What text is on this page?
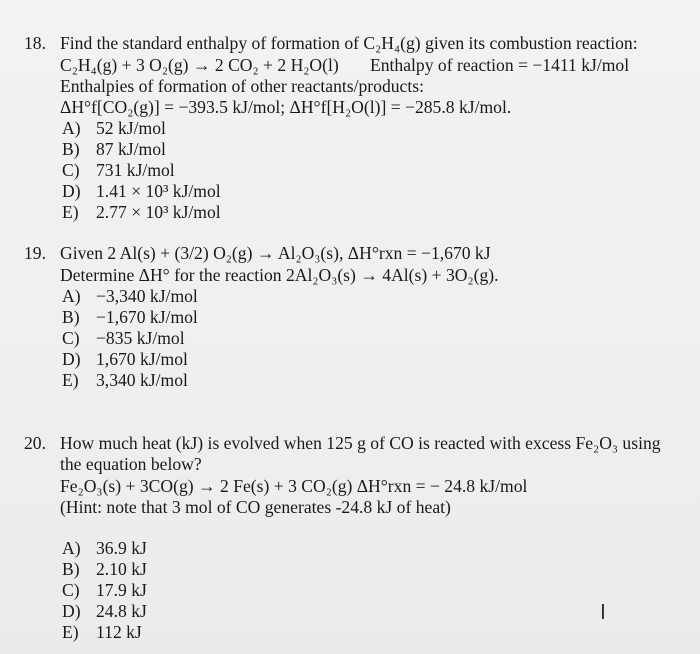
18. Find the standard enthalpy of formation of C₂H₄(g) given its combustion reaction:
C₂H₄(g) + 3 O₂(g) → 2 CO₂ + 2 H₂O(l) Enthalpy of reaction = −1411 kJ/mol
Enthalpies of formation of other reactants/products:
ΔH°f[CO₂(g)] = −393.5 kJ/mol; ΔH°f[H₂O(l)] = −285.8 kJ/mol.
A) 52 kJ/mol
B) 87 kJ/mol
C) 731 kJ/mol
D) 1.41 × 10³ kJ/mol
E) 2.77 × 10³ kJ/mol
19. Given 2 Al(s) + (3/2) O₂(g) → Al₂O₃(s), ΔH°rxn = −1,670 kJ
Determine ΔH° for the reaction 2Al₂O₃(s) → 4Al(s) + 3O₂(g).
A) −3,340 kJ/mol
B) −1,670 kJ/mol
C) −835 kJ/mol
D) 1,670 kJ/mol
E) 3,340 kJ/mol
20. How much heat (kJ) is evolved when 125 g of CO is reacted with excess Fe₂O₃ using
the equation below?
Fe₂O₃(s) + 3CO(g) → 2 Fe(s) + 3 CO₂(g) ΔH°rxn = − 24.8 kJ/mol
(Hint: note that 3 mol of CO generates -24.8 kJ of heat)
A) 36.9 kJ
B) 2.10 kJ
C) 17.9 kJ
D) 24.8 kJ
E) 112 kJ
I
